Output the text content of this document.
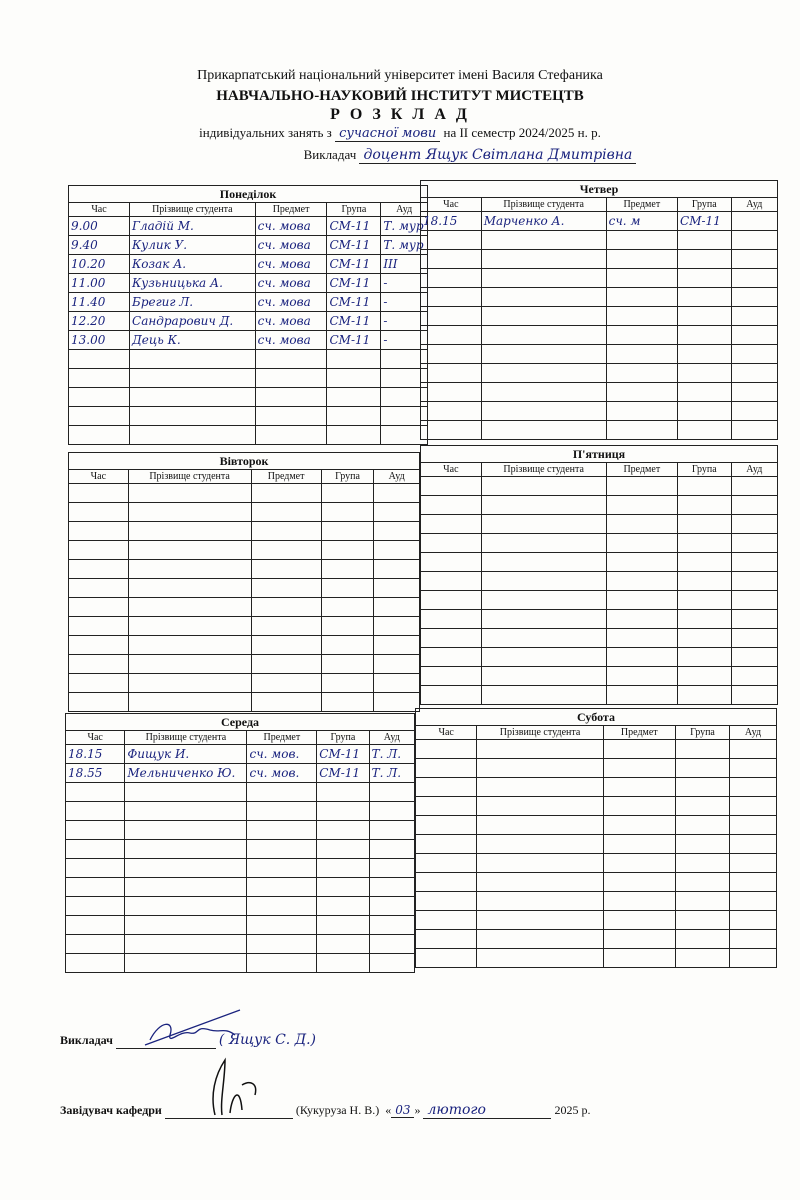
Прикарпатський національний університет імені Василя Стефаника
НАВЧАЛЬНО-НАУКОВИЙ ІНСТИТУТ МИСТЕЦТВ
Р О З К Л А Д
індивідуальних занять з сучасної мови на II семестр 2024/2025 н. р.
Викладач доцент Ящук Світлана Дмитрівна
Понеділок				
Час	Прізвище студента	Предмет	Група	Ауд
9.00	Гладій М.	сч. мова	СМ-11	Т. мур
9.40	Кулик У.	сч. мова	СМ-11	Т. мур
10.20	Козак А.	сч. мова	СМ-11	ІІІ
11.00	Кузьницька А.	сч. мова	СМ-11	-
11.40	Брегиг Л.	сч. мова	СМ-11	-
12.20	Сандрарович Д.	сч. мова	СМ-11	-
13.00	Дець К.	сч. мова	СМ-11	-

Четвер				
Час	Прізвище студента	Предмет	Група	Ауд
18.15	Марченко А.	сч. м	СМ-11	

Вівторок				
Час	Прізвище студента	Предмет	Група	Ауд

П'ятниця				
Час	Прізвище студента	Предмет	Група	Ауд

Середа				
Час	Прізвище студента	Предмет	Група	Ауд
18.15	Фищук И.	сч. мов.	СМ-11	Т. Л.
18.55	Мельниченко Ю.	сч. мов.	СМ-11	Т. Л.

Субота				
Час	Прізвище студента	Предмет	Група	Ауд

Викладач	( Ящук С. Д.)
Завідувач кафедри	(Кукуруза Н. В.)  « 03 » лютого	2025 р.
